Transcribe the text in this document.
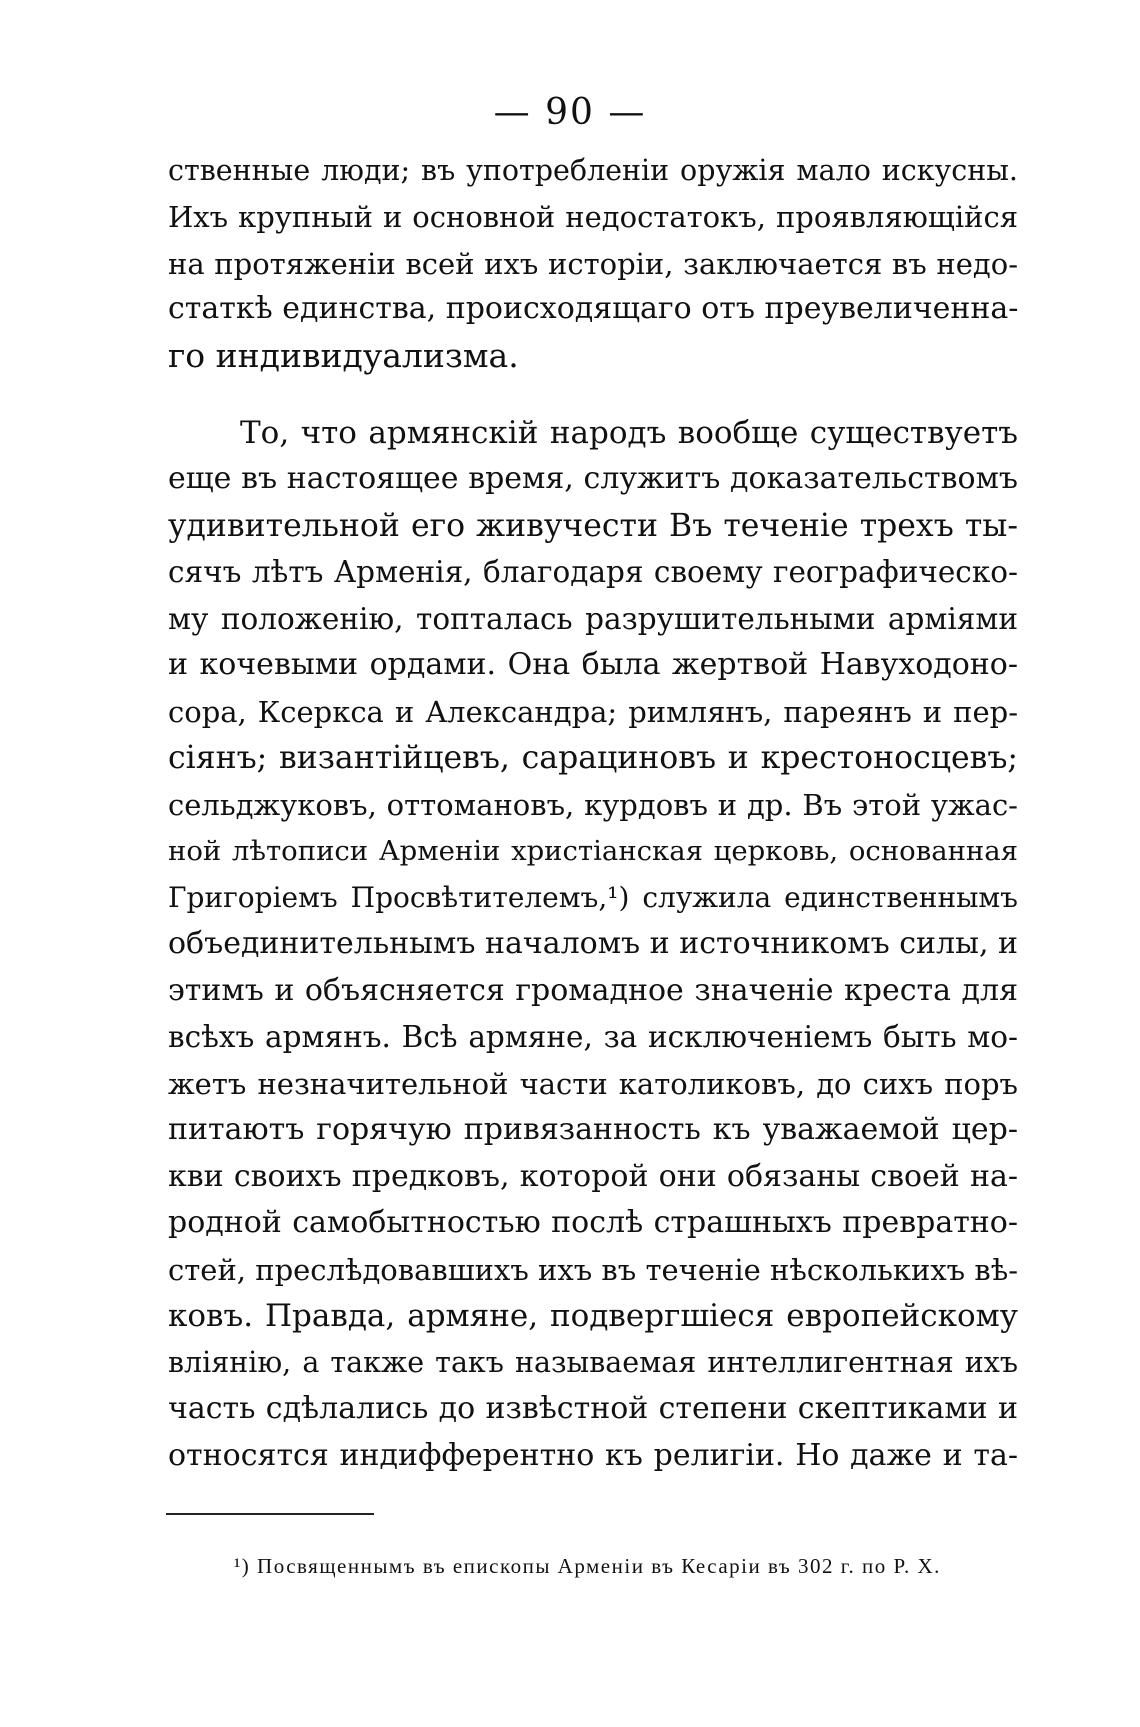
— 90 —
ственные люди; въ употребленіи оружія мало искусны.
Ихъ крупный и основной недостатокъ, проявляющійся
на протяженіи всей ихъ исторіи, заключается въ недо-
статкѣ единства, происходящаго отъ преувеличенна-
го индивидуализма.
То, что армянскій народъ вообще существуетъ
еще въ настоящее время, служитъ доказательствомъ
удивительной его живучести Въ теченіе трехъ ты-
сячъ лѣтъ Арменія, благодаря своему географическо-
му положенію, топталась разрушительными арміями
и кочевыми ордами. Она была жертвой Навуходоно-
сора, Ксеркса и Александра; римлянъ, пареянъ и пер-
сіянъ; византійцевъ, сарациновъ и крестоносцевъ;
сельджуковъ, оттомановъ, курдовъ и др. Въ этой ужас-
ной лѣтописи Арменіи христіанская церковь, основанная
Григоріемъ Просвѣтителемъ,¹) служила единственнымъ
объединительнымъ началомъ и источникомъ силы, и
этимъ и объясняется громадное значеніе креста для
всѣхъ армянъ. Всѣ армяне, за исключеніемъ быть мо-
жетъ незначительной части католиковъ, до сихъ поръ
питаютъ горячую привязанность къ уважаемой цер-
кви своихъ предковъ, которой они обязаны своей на-
родной самобытностью послѣ страшныхъ превратно-
стей, преслѣдовавшихъ ихъ въ теченіе нѣсколькихъ вѣ-
ковъ. Правда, армяне, подвергшіеся европейскому
вліянію, а также такъ называемая интеллигентная ихъ
часть сдѣлались до извѣстной степени скептиками и
относятся индифферентно къ религіи. Но даже и та-
¹) Посвященнымъ въ епископы Арменіи въ Кесаріи въ 302 г. по Р. Х.
